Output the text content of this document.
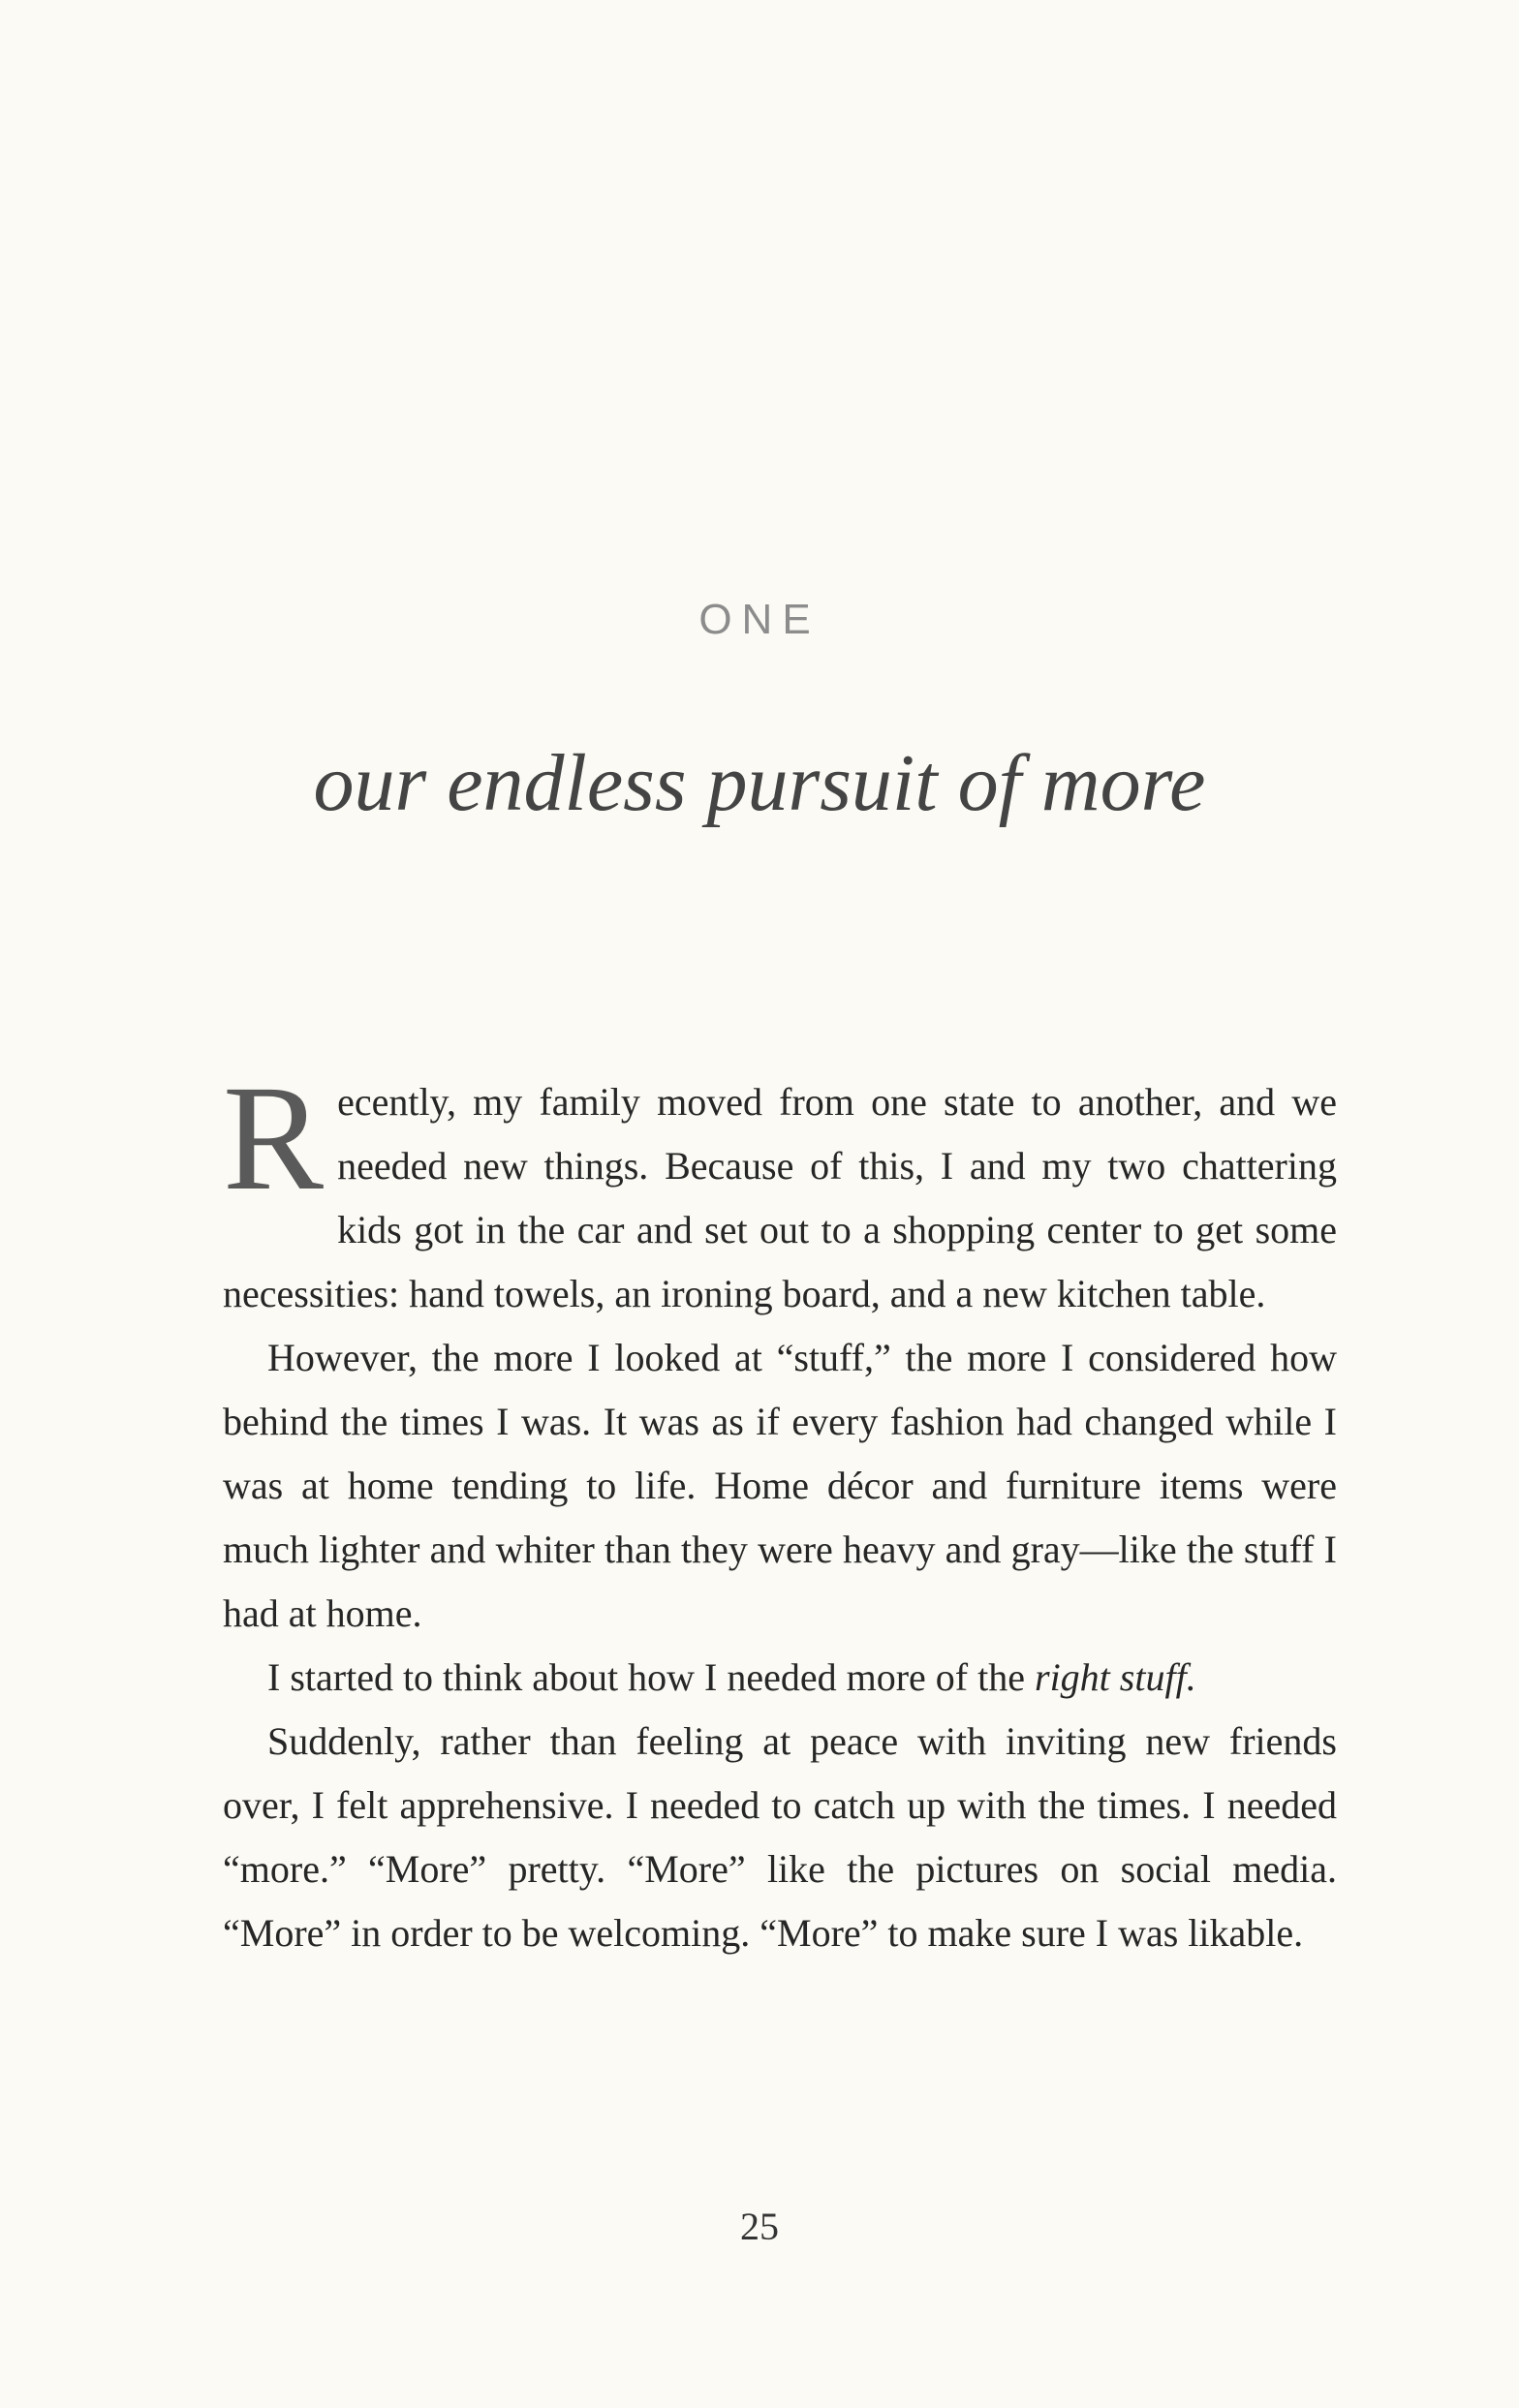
ONE
our endless pursuit of more

Recently, my family moved from one state to another, and we needed new things. Because of this, I and my two chattering kids got in the car and set out to a shopping center to get some necessities: hand towels, an ironing board, and a new kitchen table.

However, the more I looked at “stuff,” the more I considered how behind the times I was. It was as if every fashion had changed while I was at home tending to life. Home décor and furniture items were much lighter and whiter than they were heavy and gray—like the stuff I had at home.

I started to think about how I needed more of the right stuff.

Suddenly, rather than feeling at peace with inviting new friends over, I felt apprehensive. I needed to catch up with the times. I needed “more.” “More” pretty. “More” like the pictures on social media. “More” in order to be welcoming. “More” to make sure I was likable.

25
